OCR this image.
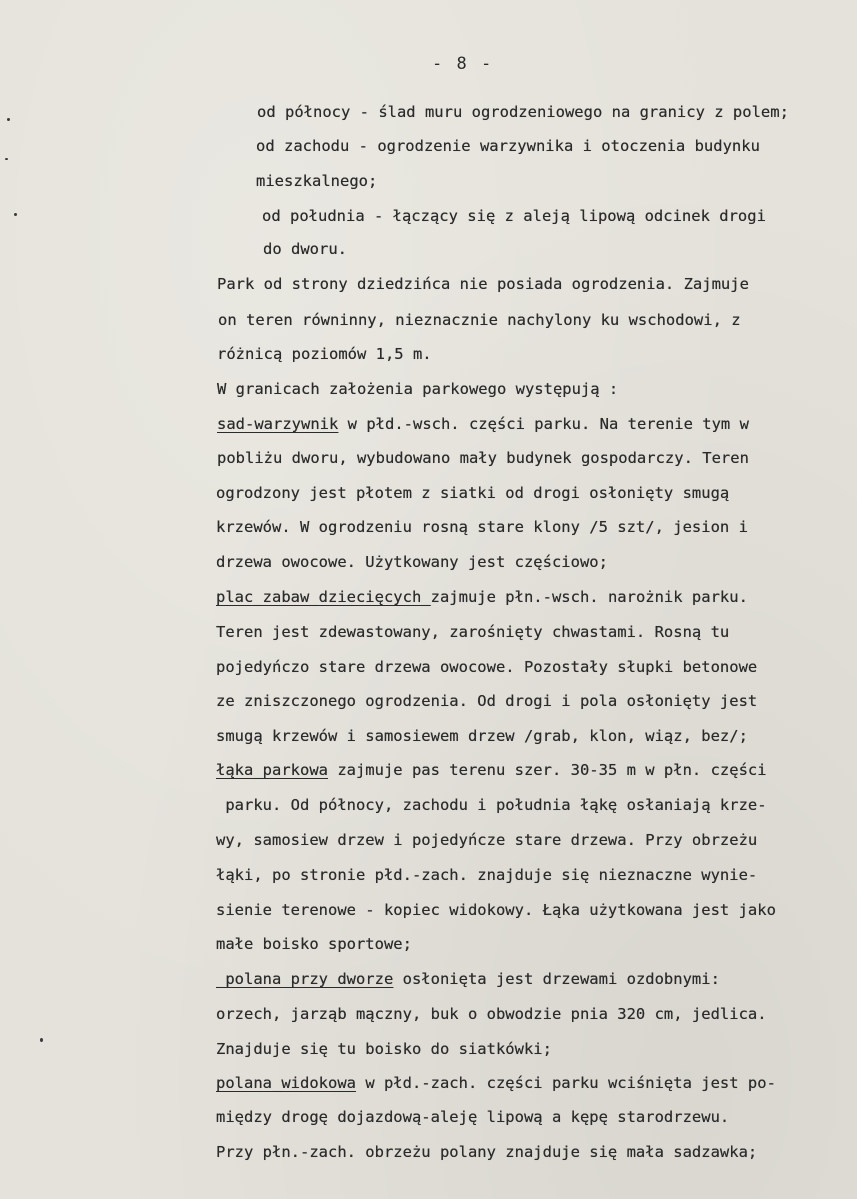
- 8 -
od północy - ślad muru ogrodzeniowego na granicy z polem;
od zachodu - ogrodzenie warzywnika i otoczenia budynku
mieszkalnego;
od południa - łączący się z aleją lipową odcinek drogi
do dworu.
Park od strony dziedzińca nie posiada ogrodzenia. Zajmuje
on teren równinny, nieznacznie nachylony ku wschodowi, z
różnicą poziomów 1,5 m.
W granicach założenia parkowego występują :
sad-warzywnik w płd.-wsch. części parku. Na terenie tym w
pobliżu dworu, wybudowano mały budynek gospodarczy. Teren
ogrodzony jest płotem z siatki od drogi osłonięty smugą
krzewów. W ogrodzeniu rosną stare klony /5 szt/, jesion i
drzewa owocowe. Użytkowany jest częściowo;
plac_zabaw_dziecięcych_zajmuje płn.-wsch. narożnik parku.
Teren jest zdewastowany, zarośnięty chwastami. Rosną tu
pojedyńczo stare drzewa owocowe. Pozostały słupki betonowe
ze zniszczonego ogrodzenia. Od drogi i pola osłonięty jest
smugą krzewów i samosiewem drzew /grab, klon, wiąz, bez/;
łąka_parkowa zajmuje pas terenu szer. 30-35 m w płn. części
parku. Od północy, zachodu i południa łąkę osłaniają krze-
wy, samosiew drzew i pojedyńcze stare drzewa. Przy obrzeżu
łąki, po stronie płd.-zach. znajduje się nieznaczne wynie-
sienie terenowe - kopiec widokowy. Łąka użytkowana jest jako
małe boisko sportowe;
_polana przy dworze osłonięta jest drzewami ozdobnymi:
orzech, jarząb mączny, buk o obwodzie pnia 320 cm, jedlica.
Znajduje się tu boisko do siatkówki;
polana_widokowa w płd.-zach. części parku wciśnięta jest po-
między drogę dojazdową-aleję lipową a kępę starodrzewu.
Przy płn.-zach. obrzeżu polany znajduje się mała sadzawka;
